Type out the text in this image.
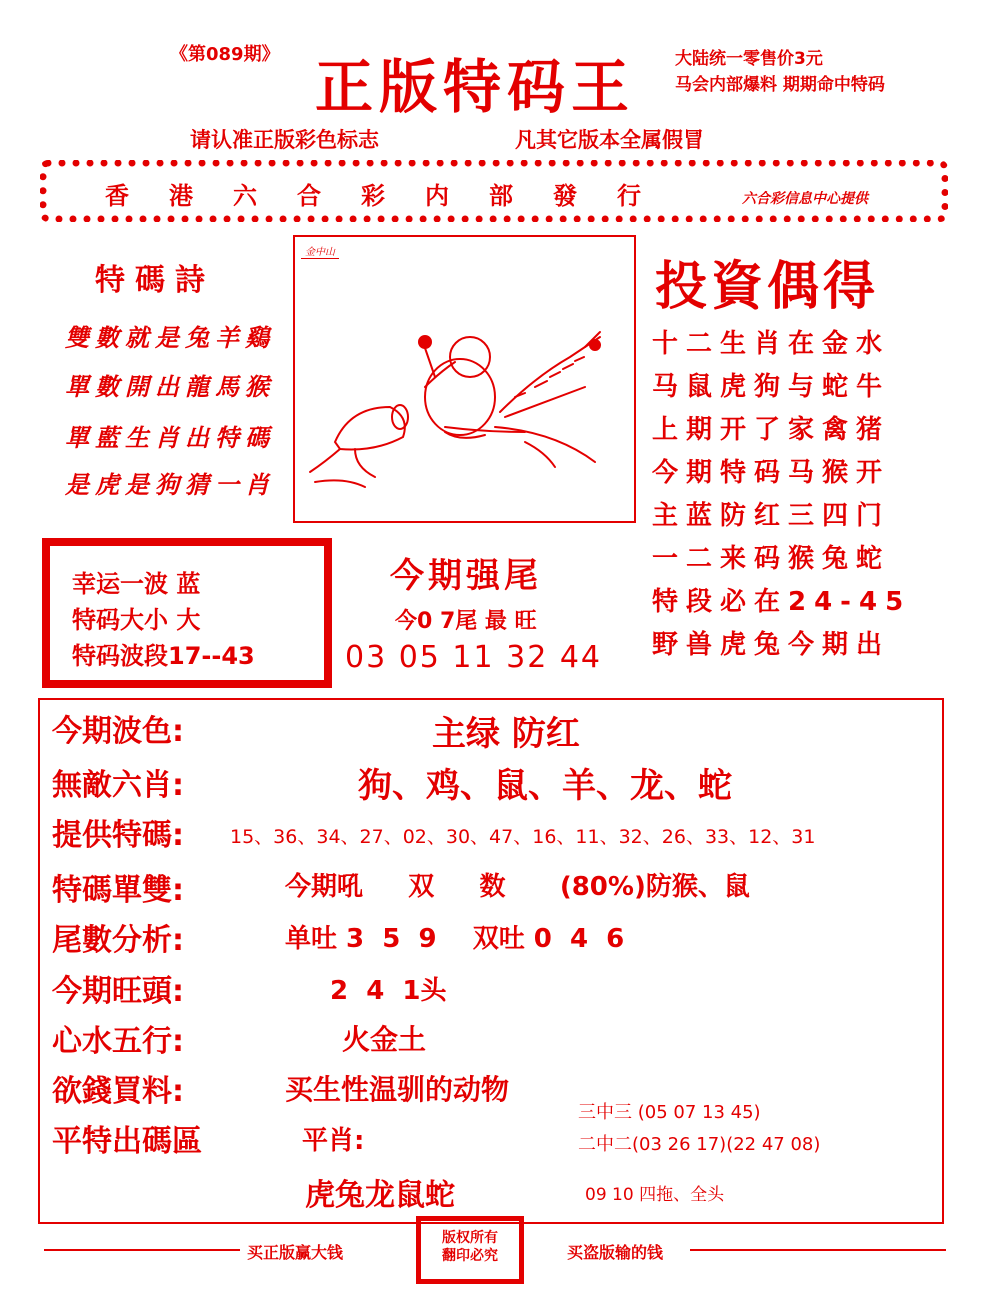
《第089期》 正版特码王 大陆统一零售价3元
马会内部爆料 期期命中特码
请认准正版彩色标志	凡其它版本全属假冒
香港六合彩内部發行	六合彩信息中心提供
特碼詩
雙數就是兔羊鷄
單數開出龍馬猴
單藍生肖出特碼
是虎是狗猜一肖
金中山
投資偶得
十二生肖在金水
马鼠虎狗与蛇牛
上期开了家禽猪
今期特码马猴开
主蓝防红三四门
一二来码猴兔蛇
特段必在24-45
野兽虎兔今期出
幸运一波 蓝
特码大小 大
特码波段17--43
今期强尾
今0 7尾 最 旺
03 05 11 32 44
今期波色:	主绿 防红
無敵六肖:	狗、鸡、鼠、羊、龙、蛇
提供特碼: 15、36、34、27、02、30、47、16、11、32、26、33、12、31
特碼單雙:	今期吼     双     数      (80%)防猴、鼠
尾數分析:	单吐 3  5  9    双吐 0  4  6
今期旺頭:	2  4  1头
心水五行:	火金土
欲錢買料:	买生性温驯的动物
平特出碼區	平肖:
虎兔龙鼠蛇
三中三 (05 07 13 45)
二中二(03 26 17)(22 47 08)
09 10 四拖、全头
买正版赢大钱
版权所有
翻印必究	买盗版输的钱
